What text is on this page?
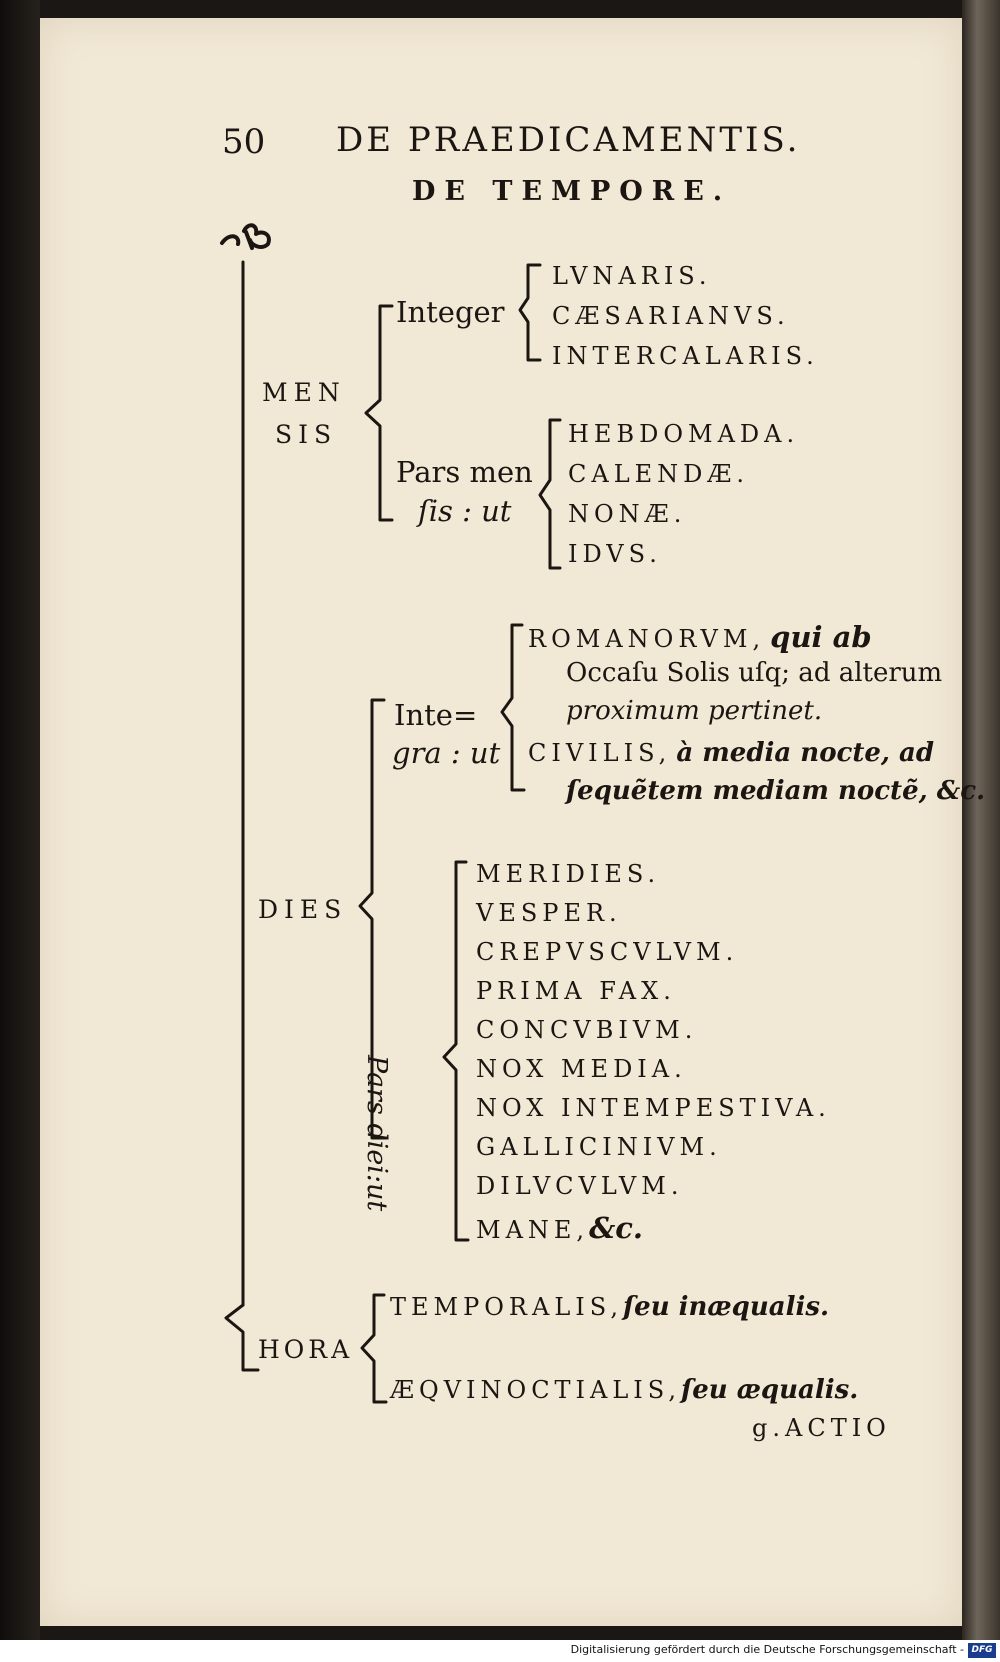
50 DE PRAEDICAMENTIS.
DE TEMPORE.
MEN
SIS
Integer
LVNARIS.
CÆSARIANVS.
INTERCALARIS.
Pars men
ſis : ut
HEBDOMADA.
CALENDÆ.
NONÆ.
IDVS.
DIES
Inte=
gra : ut
ROMANORVM, qui ab
Occaſu Solis uſq; ad alterum
proximum pertinet.
CIVILIS, à media nocte, ad
ſequẽtem mediam noctẽ, &c.
Pars diei:ut
MERIDIES.
VESPER.
CREPVSCVLVM.
PRIMA FAX.
CONCVBIVM.
NOX MEDIA.
NOX INTEMPESTIVA.
GALLICINIVM.
DILVCVLVM.
MANE,&c.
HORA
TEMPORALIS,ſeu inæqualis.
ÆQVINOCTIALIS,ſeu æqualis.
g.ACTIO
Digitalisierung gefördert durch die Deutsche Forschungsgemeinschaft - DFG
